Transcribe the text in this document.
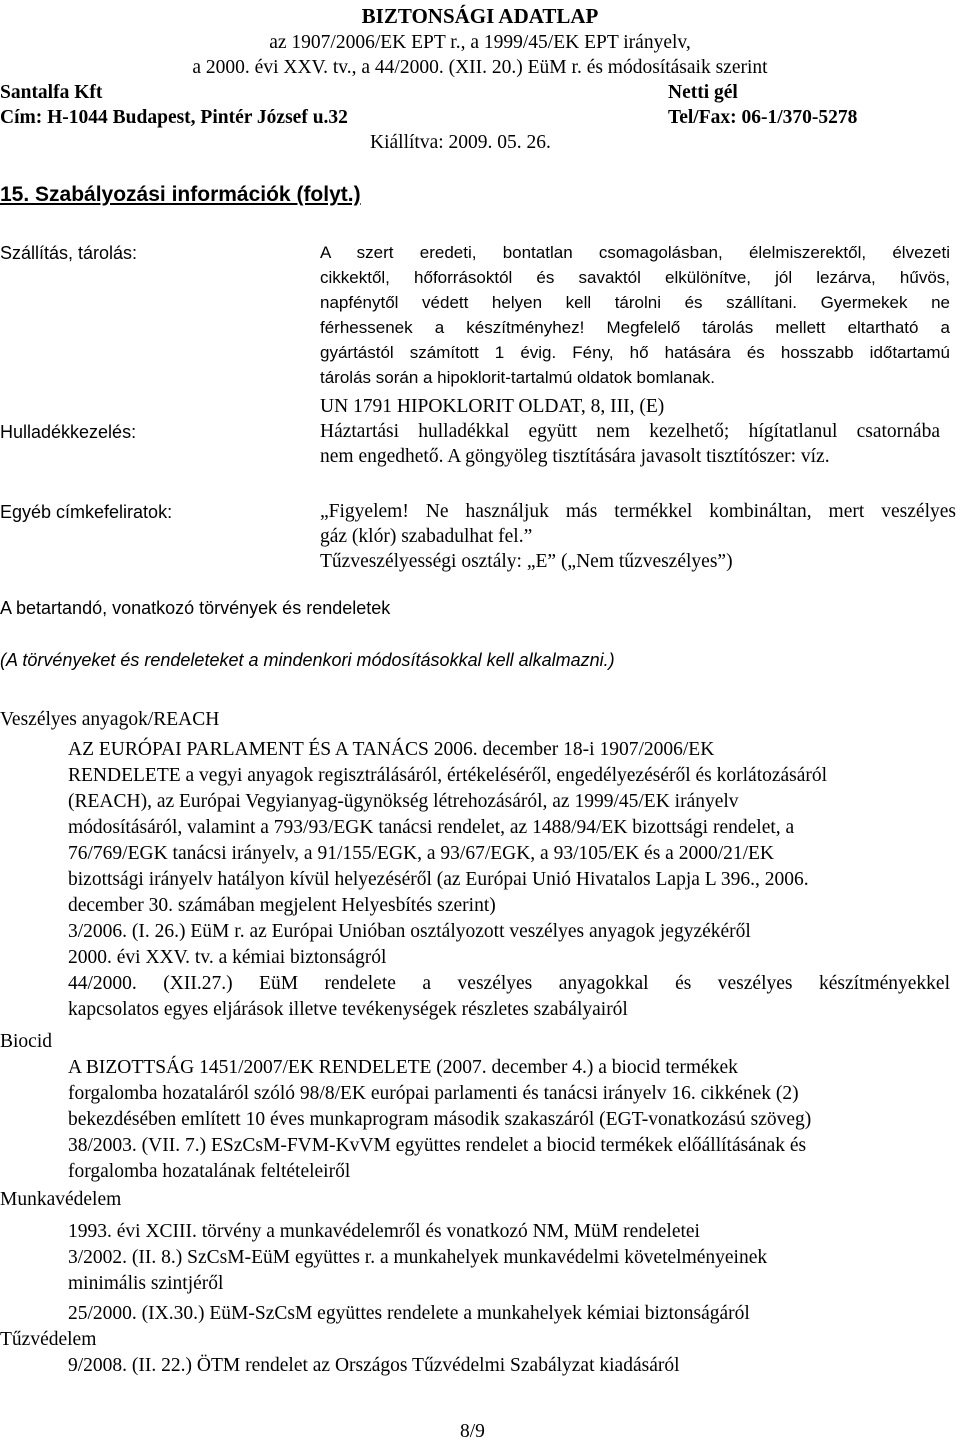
BIZTONSÁGI ADATLAP
az 1907/2006/EK EPT r., a 1999/45/EK EPT irányelv,
a 2000. évi XXV. tv., a 44/2000. (XII. 20.) EüM r. és módosításaik szerint
Santalfa Kft	Netti gél
Cím: H-1044 Budapest, Pintér József u.32	Tel/Fax: 06-1/370-5278
Kiállítva: 2009. 05. 26.
15. Szabályozási információk (folyt.)
Szállítás, tárolás:
Hulladékkezelés:
Egyéb címkefeliratok:
A szert eredeti, bontatlan csomagolásban, élelmiszerektől, élvezeti
cikkektől, hőforrásoktól és savaktól elkülönítve, jól lezárva, hűvös,
napfénytől védett helyen kell tárolni és szállítani. Gyermekek ne
férhessenek a készítményhez! Megfelelő tárolás mellett eltartható a
gyártástól számított 1 évig. Fény, hő hatására és hosszabb időtartamú
tárolás során a hipoklorit-tartalmú oldatok bomlanak.
UN 1791 HIPOKLORIT OLDAT, 8, III, (E)
Háztartási hulladékkal együtt nem kezelhető; hígítatlanul csatornába
nem engedhető. A göngyöleg tisztítására javasolt tisztítószer: víz.
„Figyelem! Ne használjuk más termékkel kombináltan, mert veszélyes
gáz (klór) szabadulhat fel.”
Tűzveszélyességi osztály: „E” („Nem tűzveszélyes”)
A betartandó, vonatkozó törvények és rendeletek
(A törvényeket és rendeleteket a mindenkori módosításokkal kell alkalmazni.)
Veszélyes anyagok/REACH
AZ EURÓPAI PARLAMENT ÉS A TANÁCS 2006. december 18-i 1907/2006/EK
RENDELETE a vegyi anyagok regisztrálásáról, értékeléséről, engedélyezéséről és korlátozásáról
(REACH), az Európai Vegyianyag-ügynökség létrehozásáról, az 1999/45/EK irányelv
módosításáról, valamint a 793/93/EGK tanácsi rendelet, az 1488/94/EK bizottsági rendelet, a
76/769/EGK tanácsi irányelv, a 91/155/EGK, a 93/67/EGK, a 93/105/EK és a 2000/21/EK
bizottsági irányelv hatályon kívül helyezéséről (az Európai Unió Hivatalos Lapja L 396., 2006.
december 30. számában megjelent Helyesbítés szerint)
3/2006. (I. 26.) EüM r. az Európai Unióban osztályozott veszélyes anyagok jegyzékéről
2000. évi XXV. tv. a kémiai biztonságról
44/2000. (XII.27.) EüM rendelete a veszélyes anyagokkal és veszélyes készítményekkel
kapcsolatos egyes eljárások illetve tevékenységek részletes szabályairól
Biocid
A BIZOTTSÁG 1451/2007/EK RENDELETE (2007. december 4.) a biocid termékek
forgalomba hozataláról szóló 98/8/EK európai parlamenti és tanácsi irányelv 16. cikkének (2)
bekezdésében említett 10 éves munkaprogram második szakaszáról (EGT-vonatkozású szöveg)
38/2003. (VII. 7.) ESzCsM-FVM-KvVM együttes rendelet a biocid termékek előállításának és
forgalomba hozatalának feltételeiről
Munkavédelem
1993. évi XCIII. törvény a munkavédelemről és vonatkozó NM, MüM rendeletei
3/2002. (II. 8.) SzCsM-EüM együttes r. a munkahelyek munkavédelmi követelményeinek
minimális szintjéről
25/2000. (IX.30.) EüM-SzCsM együttes rendelete a munkahelyek kémiai biztonságáról
Tűzvédelem
9/2008. (II. 22.) ÖTM rendelet az Országos Tűzvédelmi Szabályzat kiadásáról
8/9
